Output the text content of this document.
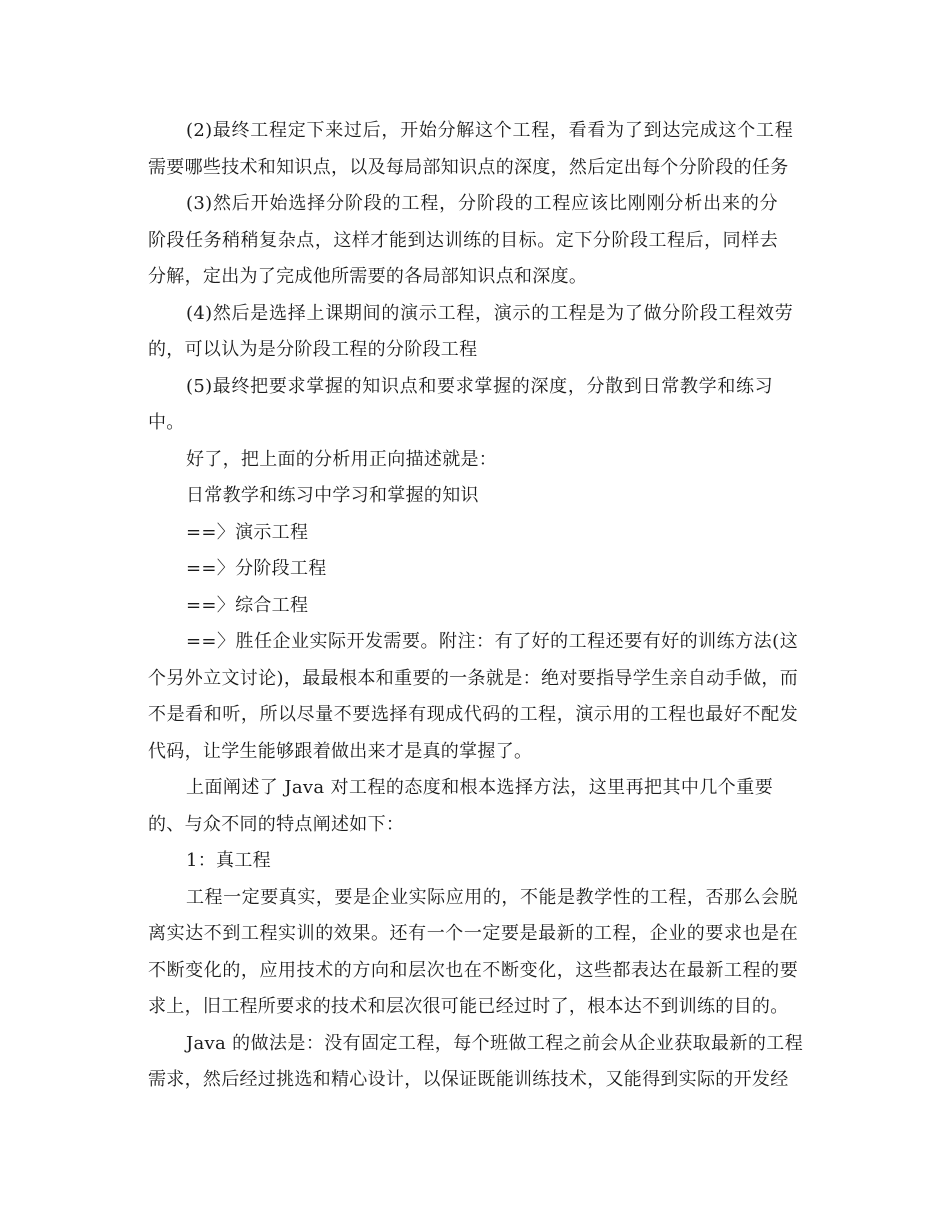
(2)最终工程定下来过后，开始分解这个工程，看看为了到达完成这个工程需要哪些技术和知识点，以及每局部知识点的深度，然后定出每个分阶段的任务

(3)然后开始选择分阶段的工程，分阶段的工程应该比刚刚分析出来的分阶段任务稍稍复杂点，这样才能到达训练的目标。定下分阶段工程后，同样去分解，定出为了完成他所需要的各局部知识点和深度。

(4)然后是选择上课期间的演示工程，演示的工程是为了做分阶段工程效劳的，可以认为是分阶段工程的分阶段工程

(5)最终把要求掌握的知识点和要求掌握的深度，分散到日常教学和练习中。

好了，把上面的分析用正向描述就是：

日常教学和练习中学习和掌握的知识

==〉演示工程

==〉分阶段工程

==〉综合工程

==〉胜任企业实际开发需要。附注：有了好的工程还要有好的训练方法(这个另外立文讨论)，最最根本和重要的一条就是：绝对要指导学生亲自动手做，而不是看和听，所以尽量不要选择有现成代码的工程，演示用的工程也最好不配发代码，让学生能够跟着做出来才是真的掌握了。

上面阐述了 Java 对工程的态度和根本选择方法，这里再把其中几个重要的、与众不同的特点阐述如下：

1：真工程

工程一定要真实，要是企业实际应用的，不能是教学性的工程，否那么会脱离实达不到工程实训的效果。还有一个一定要是最新的工程，企业的要求也是在不断变化的，应用技术的方向和层次也在不断变化，这些都表达在最新工程的要求上，旧工程所要求的技术和层次很可能已经过时了，根本达不到训练的目的。

Java 的做法是：没有固定工程，每个班做工程之前会从企业获取最新的工程需求，然后经过挑选和精心设计，以保证既能训练技术，又能得到实际的开发经
